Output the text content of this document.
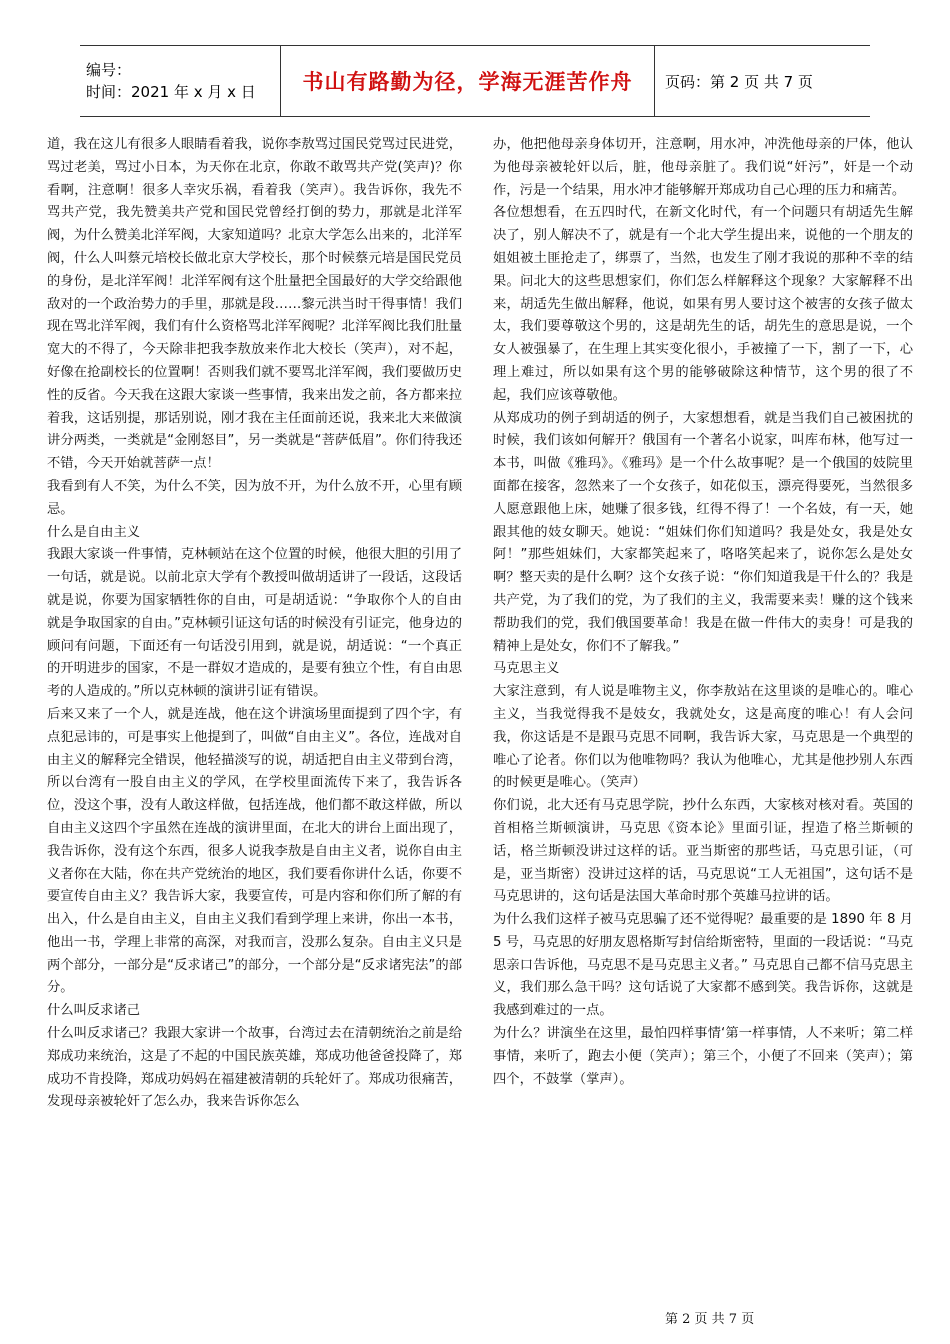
编号：
时间：2021 年 x 月 x 日	书山有路勤为径，学海无涯苦作舟	页码：第 2 页 共 7 页

道，我在这儿有很多人眼睛看着我，说你李敖骂过国民党骂过民进党，骂过老美，骂过小日本，为天你在北京，你敢不敢骂共产党(笑声)？你看啊，注意啊！很多人幸灾乐祸，看着我（笑声）。我告诉你，我先不骂共产党，我先赞美共产党和国民党曾经打倒的势力，那就是北洋军阀，为什么赞美北洋军阀，大家知道吗？北京大学怎么出来的，北洋军阀，什么人叫蔡元培校长做北京大学校长，那个时候蔡元培是国民党员的身份，是北洋军阀！北洋军阀有这个肚量把全国最好的大学交给跟他敌对的一个政治势力的手里，那就是段……黎元洪当时干得事情！我们现在骂北洋军阀，我们有什么资格骂北洋军阀呢？北洋军阀比我们肚量宽大的不得了，今天除非把我李敖放来作北大校长（笑声），对不起，好像在抢副校长的位置啊！否则我们就不要骂北洋军阀，我们要做历史性的反省。今天我在这跟大家谈一些事情，我来出发之前，各方都来拉着我，这话别提，那话别说，刚才我在主任面前还说，我来北大来做演讲分两类，一类就是“金刚怒目”，另一类就是“菩萨低眉”。你们待我还不错，今天开始就菩萨一点！

我看到有人不笑，为什么不笑，因为放不开，为什么放不开，心里有顾忌。

什么是自由主义

我跟大家谈一件事情，克林顿站在这个位置的时候，他很大胆的引用了一句话，就是说。以前北京大学有个教授叫做胡适讲了一段话，这段话就是说，你要为国家牺牲你的自由，可是胡适说：“争取你个人的自由就是争取国家的自由。”克林顿引证这句话的时候没有引证完，他身边的顾问有问题，下面还有一句话没引用到，就是说，胡适说：“一个真正的开明进步的国家，不是一群奴才造成的，是要有独立个性，有自由思考的人造成的。”所以克林顿的演讲引证有错误。

后来又来了一个人，就是连战，他在这个讲演场里面提到了四个字，有点犯忌讳的，可是事实上他提到了，叫做“自由主义”。各位，连战对自由主义的解释完全错误，他轻描淡写的说，胡适把自由主义带到台湾，所以台湾有一股自由主义的学风，在学校里面流传下来了，我告诉各位，没这个事，没有人敢这样做，包括连战，他们都不敢这样做，所以自由主义这四个字虽然在连战的演讲里面，在北大的讲台上面出现了，我告诉你，没有这个东西，很多人说我李敖是自由主义者，说你自由主义者你在大陆，你在共产党统治的地区，我们要看你讲什么话，你要不要宣传自由主义？我告诉大家，我要宣传，可是内容和你们所了解的有出入，什么是自由主义，自由主义我们看到学理上来讲，你出一本书，他出一书，学理上非常的高深，对我而言，没那么复杂。自由主义只是两个部分，一部分是“反求诸己”的部分，一个部分是“反求诸宪法”的部分。

什么叫反求诸己

什么叫反求诸己？我跟大家讲一个故事，台湾过去在清朝统治之前是给郑成功来统治，这是了不起的中国民族英雄，郑成功他爸爸投降了，郑成功不肯投降，郑成功妈妈在福建被清朝的兵轮奸了。郑成功很痛苦，发现母亲被轮奸了怎么办，我来告诉你怎么

办，他把他母亲身体切开，注意啊，用水冲，冲洗他母亲的尸体，他认为他母亲被轮奸以后，脏，他母亲脏了。我们说“奸污”，奸是一个动作，污是一个结果，用水冲才能够解开郑成功自己心理的压力和痛苦。

各位想想看，在五四时代，在新文化时代，有一个问题只有胡适先生解决了，别人解决不了，就是有一个北大学生提出来，说他的一个朋友的姐姐被土匪抢走了，绑票了，当然，也发生了刚才我说的那种不幸的结果。问北大的这些思想家们，你们怎么样解释这个现象？大家解释不出来，胡适先生做出解释，他说，如果有男人要讨这个被害的女孩子做太太，我们要尊敬这个男的，这是胡先生的话，胡先生的意思是说，一个女人被强暴了，在生理上其实变化很小，手被撞了一下，割了一下，心理上难过，所以如果有这个男的能够破除这种情节，这个男的很了不起，我们应该尊敬他。

从郑成功的例子到胡适的例子，大家想想看，就是当我们自己被困扰的时候，我们该如何解开？俄国有一个著名小说家，叫库布林，他写过一本书，叫做《雅玛》。《雅玛》是一个什么故事呢？是一个俄国的妓院里面都在接客，忽然来了一个女孩子，如花似玉，漂亮得要死，当然很多人愿意跟他上床，她赚了很多钱，红得不得了！一个名妓，有一天，她跟其他的妓女聊天。她说：“姐妹们你们知道吗？我是处女，我是处女阿！”那些姐妹们，大家都笑起来了，咯咯笑起来了，说你怎么是处女啊？整天卖的是什么啊？这个女孩子说：“你们知道我是干什么的？我是共产党，为了我们的党，为了我们的主义，我需要来卖！赚的这个钱来帮助我们的党，我们俄国要革命！我是在做一件伟大的卖身！可是我的精神上是处女，你们不了解我。”

马克思主义

大家注意到，有人说是唯物主义，你李敖站在这里谈的是唯心的。唯心主义，当我觉得我不是妓女，我就处女，这是高度的唯心！有人会问我，你这话是不是跟马克思不同啊，我告诉大家，马克思是一个典型的唯心了论者。你们以为他唯物吗？我认为他唯心，尤其是他抄别人东西的时候更是唯心。（笑声）

你们说，北大还有马克思学院，抄什么东西，大家核对核对看。英国的首相格兰斯顿演讲，马克思《资本论》里面引证，捏造了格兰斯顿的话，格兰斯顿没讲过这样的话。亚当斯密的那些话，马克思引证，（可是，亚当斯密）没讲过这样的话，马克思说“工人无祖国”，这句话不是马克思讲的，这句话是法国大革命时那个英雄马拉讲的话。

为什么我们这样子被马克思骗了还不觉得呢？最重要的是 1890 年 8 月 5 号，马克思的好朋友恩格斯写封信给斯密特，里面的一段话说：“马克思亲口告诉他，马克思不是马克思主义者。” 马克思自己都不信马克思主义，我们那么急干吗？这句话说了大家都不感到笑。我告诉你，这就是我感到难过的一点。

为什么？讲演坐在这里，最怕四样事情‘第一样事情，人不来听；第二样事情，来听了，跑去小便（笑声）；第三个，小便了不回来（笑声）；第四个，不鼓掌（掌声）。

第 2 页 共 7 页
